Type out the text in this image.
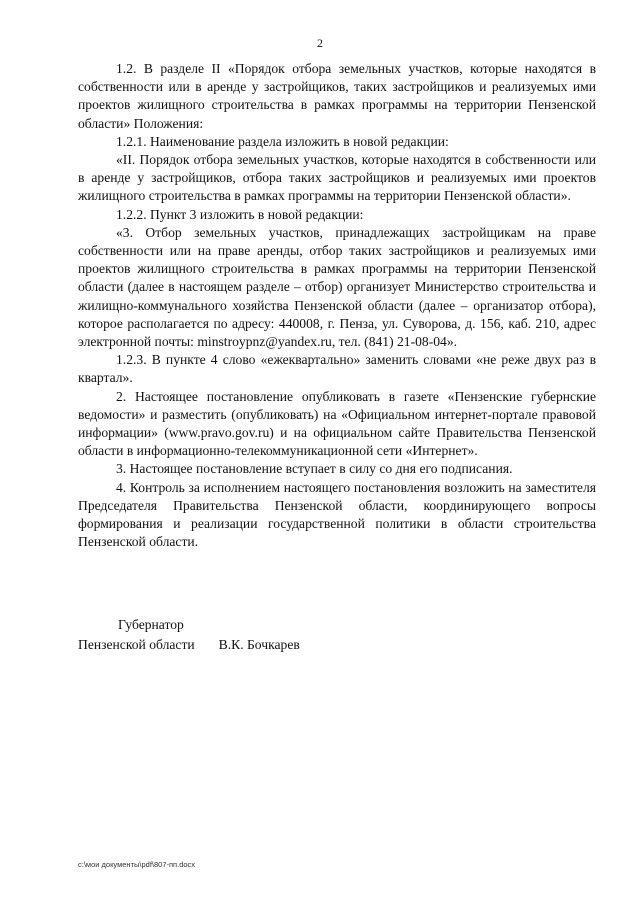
2

1.2. В разделе II «Порядок отбора земельных участков, которые находятся в собственности или в аренде у застройщиков, таких застройщиков и реализуемых ими проектов жилищного строительства в рамках программы на территории Пензенской области» Положения:

1.2.1. Наименование раздела изложить в новой редакции:

«II. Порядок отбора земельных участков, которые находятся в собственности или в аренде у застройщиков, отбора таких застройщиков и реализуемых ими проектов жилищного строительства в рамках программы на территории Пензенской области».

1.2.2. Пункт 3 изложить в новой редакции:

«3. Отбор земельных участков, принадлежащих застройщикам на праве собственности или на праве аренды, отбор таких застройщиков и реализуемых ими проектов жилищного строительства в рамках программы на территории Пензенской области (далее в настоящем разделе – отбор) организует Министерство строительства и жилищно-коммунального хозяйства Пензенской области (далее – организатор отбора), которое располагается по адресу: 440008, г. Пенза, ул. Суворова, д. 156, каб. 210, адрес электронной почты: minstroypnz@yandex.ru, тел. (841) 21-08-04».

1.2.3. В пункте 4 слово «ежеквартально» заменить словами «не реже двух раз в квартал».

2. Настоящее постановление опубликовать в газете «Пензенские губернские ведомости» и разместить (опубликовать) на «Официальном интернет-портале правовой информации» (www.pravo.gov.ru) и на официальном сайте Правительства Пензенской области в информационно-телекоммуникационной сети «Интернет».

3. Настоящее постановление вступает в силу со дня его подписания.

4. Контроль за исполнением настоящего постановления возложить на заместителя Председателя Правительства Пензенской области, координирующего вопросы формирования и реализации государственной политики в области строительства Пензенской области.

Губернатор
Пензенской области В.К. Бочкарев
c:\мои документы\pdf\807-пп.docx
